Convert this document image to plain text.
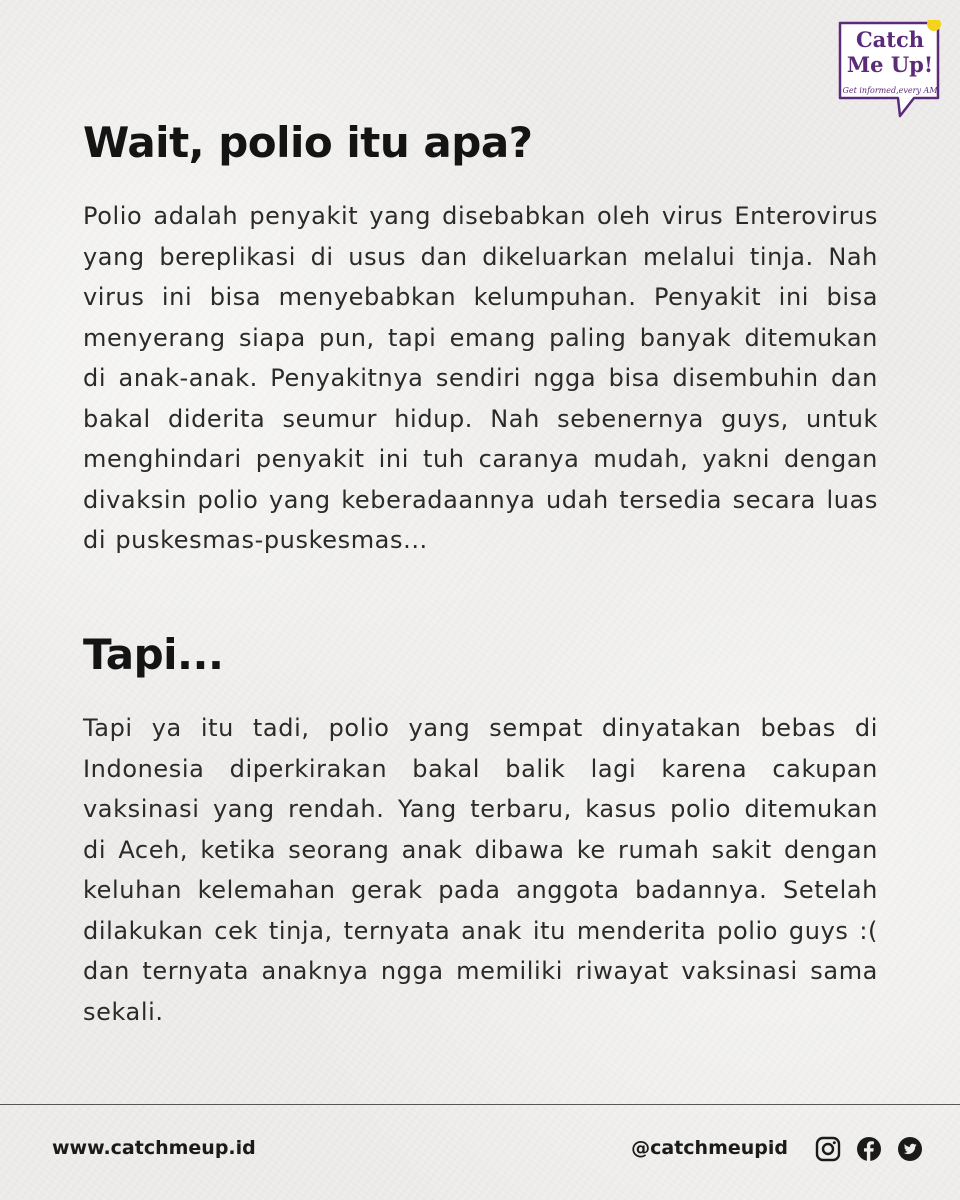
Catch
Me Up!
Get informed,every AM
Wait, polio itu apa?

Polio adalah penyakit yang disebabkan oleh virus Enterovirus yang bereplikasi di usus dan dikeluarkan melalui tinja. Nah virus ini bisa menyebabkan kelumpuhan. Penyakit ini bisa menyerang siapa pun, tapi emang paling banyak ditemukan di anak-anak. Penyakitnya sendiri ngga bisa disembuhin dan bakal diderita seumur hidup. Nah sebenernya guys, untuk menghindari penyakit ini tuh caranya mudah, yakni dengan divaksin polio yang keberadaannya udah tersedia secara luas di puskesmas-puskesmas...

Tapi...

Tapi ya itu tadi, polio yang sempat dinyatakan bebas di Indonesia diperkirakan bakal balik lagi karena cakupan vaksinasi yang rendah. Yang terbaru, kasus polio ditemukan di Aceh, ketika seorang anak dibawa ke rumah sakit dengan keluhan kelemahan gerak pada anggota badannya. Setelah dilakukan cek tinja, ternyata anak itu menderita polio guys :( dan ternyata anaknya ngga memiliki riwayat vaksinasi sama sekali.

www.catchmeup.id	@catchmeupid
